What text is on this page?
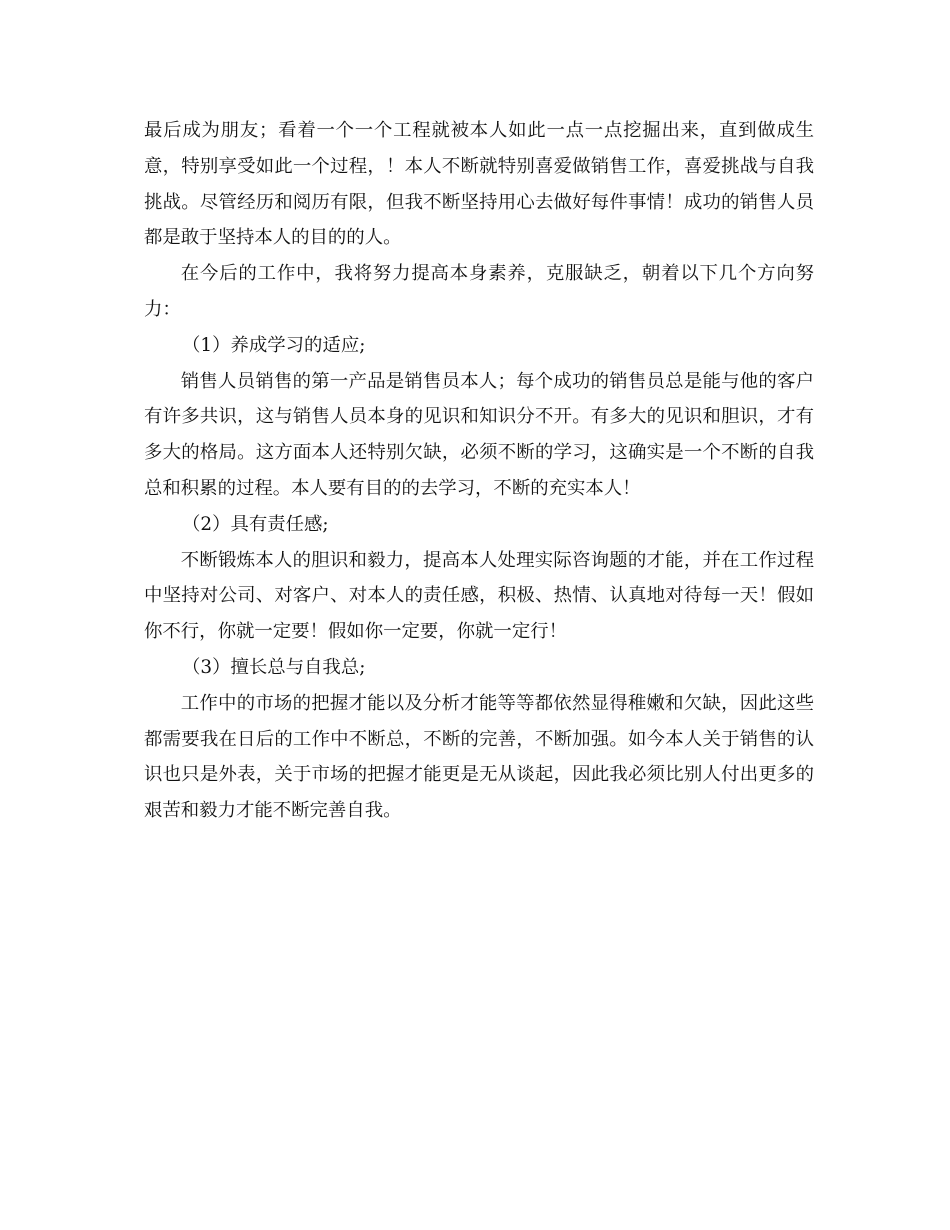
最后成为朋友；看着一个一个工程就被本人如此一点一点挖掘出来，直到做成生意，特别享受如此一个过程，！本人不断就特别喜爱做销售工作，喜爱挑战与自我挑战。尽管经历和阅历有限，但我不断坚持用心去做好每件事情！成功的销售人员都是敢于坚持本人的目的的人。

在今后的工作中，我将努力提高本身素养，克服缺乏，朝着以下几个方向努力：

（1）养成学习的适应;

销售人员销售的第一产品是销售员本人；每个成功的销售员总是能与他的客户有许多共识，这与销售人员本身的见识和知识分不开。有多大的见识和胆识，才有多大的格局。这方面本人还特别欠缺，必须不断的学习，这确实是一个不断的自我总和积累的过程。本人要有目的的去学习，不断的充实本人！

（2）具有责任感;

不断锻炼本人的胆识和毅力，提高本人处理实际咨询题的才能，并在工作过程中坚持对公司、对客户、对本人的责任感，积极、热情、认真地对待每一天！假如你不行，你就一定要！假如你一定要，你就一定行！

（3）擅长总与自我总;

工作中的市场的把握才能以及分析才能等等都依然显得稚嫩和欠缺，因此这些都需要我在日后的工作中不断总，不断的完善，不断加强。如今本人关于销售的认识也只是外表，关于市场的把握才能更是无从谈起，因此我必须比别人付出更多的艰苦和毅力才能不断完善自我。
